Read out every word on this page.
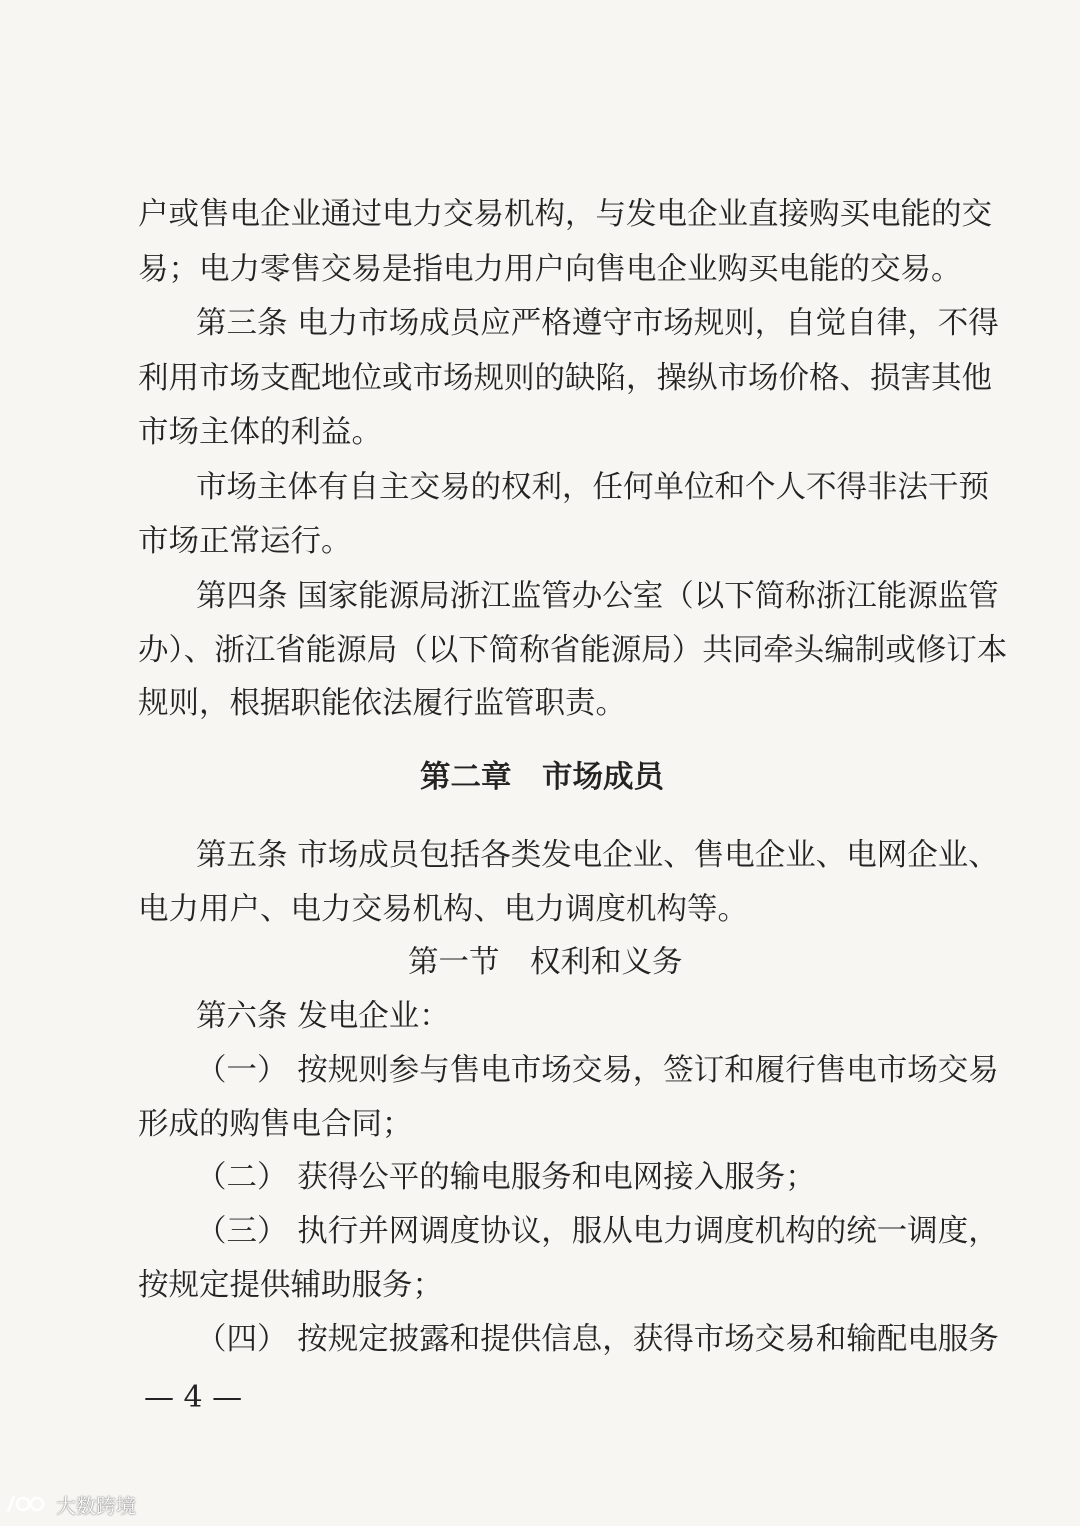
户或售电企业通过电力交易机构，与发电企业直接购买电能的交
易；电力零售交易是指电力用户向售电企业购买电能的交易。
第三条 电力市场成员应严格遵守市场规则，自觉自律，不得
利用市场支配地位或市场规则的缺陷，操纵市场价格、损害其他
市场主体的利益。
市场主体有自主交易的权利，任何单位和个人不得非法干预
市场正常运行。
第四条 国家能源局浙江监管办公室（以下简称浙江能源监管
办）、浙江省能源局（以下简称省能源局）共同牵头编制或修订本
规则，根据职能依法履行监管职责。
第二章　市场成员
第五条 市场成员包括各类发电企业、售电企业、电网企业、
电力用户、电力交易机构、电力调度机构等。
第一节　权利和义务
第六条 发电企业：
（一） 按规则参与售电市场交易，签订和履行售电市场交易
形成的购售电合同；
（二） 获得公平的输电服务和电网接入服务；
（三） 执行并网调度协议，服从电力调度机构的统一调度，
按规定提供辅助服务；
（四） 按规定披露和提供信息，获得市场交易和输配电服务
— 4 —
大数跨境
